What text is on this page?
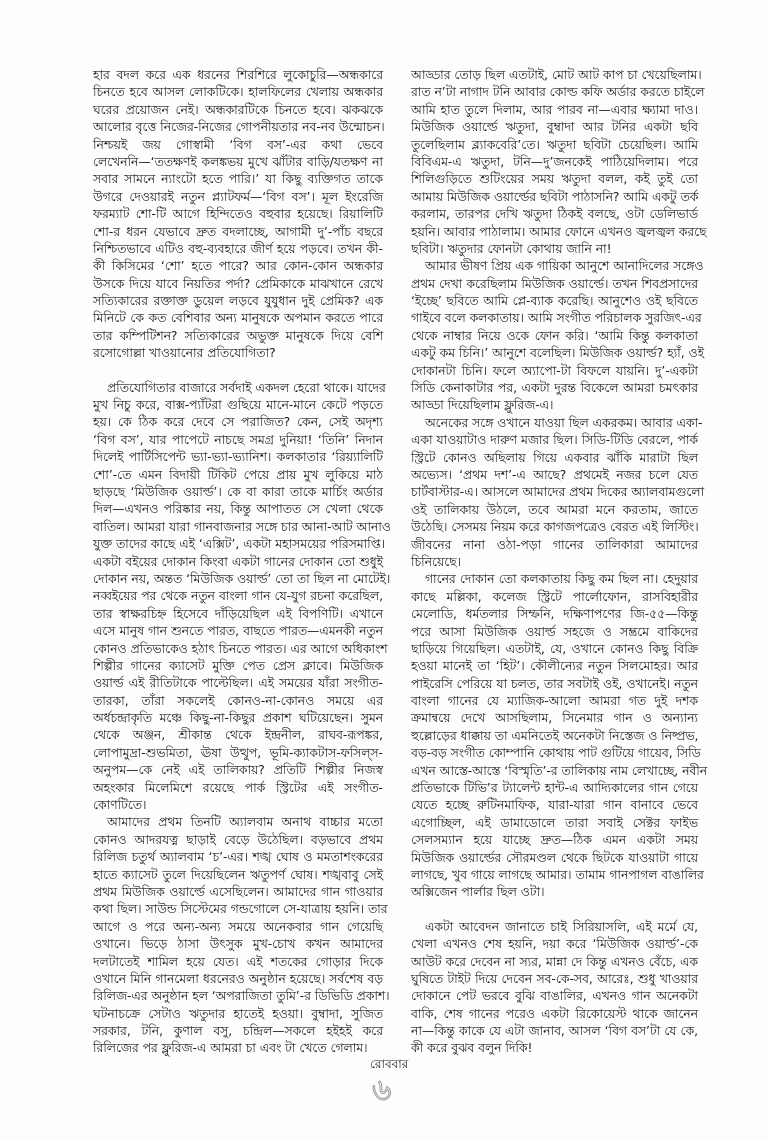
হার বদল করে এক ধরনের শিরশিরে লুকোচুরি—অন্ধকারে
চিনতে হবে আসল লোকটিকে। হালফিলের খেলায় অন্ধকার
ঘরের প্রয়োজন নেই। অন্ধকারটিকে চিনতে হবে। ঝকঝকে
আলোর বৃত্তে নিজের-নিজের গোপনীয়তার নব-নব উন্মোচন।
নিশ্চয়ই জয় গোস্বামী ‘বিগ বস’-এর কথা ভেবে
লেখেননি—‘ততক্ষণই কলঙ্কভয় মুখে ঝাঁটার বাড়ি/যতক্ষণ না
সবার সামনে ন্যাংটো হতে পারি।’ যা কিছু ব্যক্তিগত তাকে
উগরে দেওয়ারই নতুন প্ল্যাটফর্ম—‘বিগ বস’। মূল ইংরেজি
ফরম্যাট শো-টি আগে হিন্দিতেও বহুবার হয়েছে। রিয়ালিটি
শো-র ধরন যেভাবে দ্রুত বদলাচ্ছে, আগামী দু’-পাঁচ বছরে
নিশ্চিতভাবে এটিও বহু-ব্যবহারে জীর্ণ হয়ে পড়বে। তখন কী-
কী কিসিমের ‘শো’ হতে পারে? আর কোন-কোন অন্ধকার
উসকে দিয়ে যাবে নিয়তির পর্দা? প্রেমিকাকে মাঝখানে রেখে
সত্যিকারের রক্তাক্ত ডুয়েল লড়বে যুযুধান দুই প্রেমিক? এক
মিনিটে কে কত বেশিবার অন্য মানুষকে অপমান করতে পারে
তার কম্পিটিশন? সত্যিকারের অভুক্ত মানুষকে দিয়ে বেশি
রসোগোল্লা খাওয়ানোর প্রতিযোগিতা?
প্রতিযোগিতার বাজারে সর্বদাই একদল হেরো থাকে। যাদের
মুখ নিচু করে, বাক্স-প্যাঁটরা গুছিয়ে মানে-মানে কেটে পড়তে
হয়। কে ঠিক করে দেবে সে পরাজিত? কেন, সেই অদৃশ্য
‘বিগ বস’, যার পাপেটে নাচছে সমগ্র দুনিয়া! ‘তিনি’ নিদান
দিলেই পার্টিসিপেন্ট ভ্যা-ভ্যা-ভ্যানিশ। কলকাতার ‘রিয়্যালিটি
শো’-তে এমন বিদায়ী টিকিট পেয়ে প্রায় মুখ লুকিয়ে মাঠ
ছাড়ছে ‘মিউজিক ওয়ার্ল্ড’। কে বা কারা তাকে মার্চিং অর্ডার
দিল—এখনও পরিষ্কার নয়, কিন্তু আপাতত সে খেলা থেকে
বাতিল। আমরা যারা গানবাজনার সঙ্গে চার আনা-আট আনাও
যুক্ত তাদের কাছে এই ‘এক্সিট’, একটা মহাসময়ের পরিসমাপ্তি।
একটা বইয়ের দোকান কিংবা একটা গানের দোকান তো শুধুই
দোকান নয়, অন্তত ‘মিউজিক ওয়ার্ল্ড’ তো তা ছিল না মোটেই।
নব্বইয়ের পর থেকে নতুন বাংলা গান যে-যুগ রচনা করেছিল,
তার স্বাক্ষরচিহ্ন হিসেবে দাঁড়িয়েছিল এই বিপণিটি। এখানে
এসে মানুষ গান শুনতে পারত, বাছতে পারত—এমনকী নতুন
কোনও প্রতিভাকেও হঠাৎ চিনতে পারত। এর আগে অধিকাংশ
শিল্পীর গানের ক্যাসেট মুক্তি পেত প্রেস ক্লাবে। মিউজিক
ওয়ার্ল্ড এই রীতিটাকে পাল্টেছিল। এই সময়ের যাঁরা সংগীত-
তারকা, তাঁরা সকলেই কোনও-না-কোনও সময়ে এর
অর্ধচন্দ্রাকৃতি মঞ্চে কিছু-না-কিছুর প্রকাশ ঘটিয়েছেন। সুমন
থেকে অঞ্জন, শ্রীকান্ত থেকে ইন্দ্রনীল, রাঘব-রূপঙ্কর,
লোপামুদ্রা-শুভমিতা, ঊষা উত্থুপ, ভূমি-ক্যাকটাস-ফসিল্‌স-
অনুপম—কে নেই এই তালিকায়? প্রতিটি শিল্পীর নিজস্ব
অহংকার মিলেমিশে রয়েছে পার্ক স্ট্রিটের এই সংগীত-
কোণটিতে।
আমাদের প্রথম তিনটি অ্যালবাম অনাথ বাচ্চার মতো
কোনও আদরযত্ন ছাড়াই বেড়ে উঠেছিল। বড়ভাবে প্রথম
রিলিজ চতুর্থ অ্যালবাম ‘চ’-এর। শঙ্খ ঘোষ ও মমতাশংকরের
হাতে ক্যাসেট তুলে দিয়েছিলেন ঋতুপর্ণ ঘোষ। শঙ্খবাবু সেই
প্রথম মিউজিক ওয়ার্ল্ডে এসেছিলেন। আমাদের গান গাওয়ার
কথা ছিল। সাউন্ড সিস্টেমের গন্ডগোলে সে-যাত্রায় হয়নি। তার
আগে ও পরে অন্য-অন্য সময়ে অনেকবার গান গেয়েছি
ওখানে। ভিড়ে ঠাসা উৎসুক মুখ-চোখ কখন আমাদের
দলটাতেই শামিল হয়ে যেত। এই শতকের গোড়ার দিকে
ওখানে মিনি গানমেলা ধরনেরও অনুষ্ঠান হয়েছে। সর্বশেষ বড়
রিলিজ-এর অনুষ্ঠান হল ‘অপরাজিতা তুমি’-র ডিভিডি প্রকাশ।
ঘটনাচক্রে সেটাও ঋতুদার হাতেই হওয়া। বুম্বাদা, সুজিত
সরকার, টনি, কুণাল বসু, চন্দ্রিল—সকলে হইহই করে
রিলিজের পর ফ্লুরিজ-এ আমরা চা এবং টা খেতে গেলাম।
আড্ডার তোড় ছিল এতটাই, মোট আট কাপ চা খেয়েছিলাম।
রাত ন’টা নাগাদ টনি আবার কোল্ড কফি অর্ডার করতে চাইলে
আমি হাত তুলে দিলাম, আর পারব না—এবার ক্ষ্যামা দাও।
মিউজিক ওয়ার্ল্ডে ঋতুদা, বুম্বাদা আর টনির একটা ছবি
তুলেছিলাম ব্ল্যাকবেরি’তে। ঋতুদা ছবিটা চেয়েছিল। আমি
বিবিএম-এ ঋতুদা, টনি—দু’জনকেই পাঠিয়েদিলাম। পরে
শিলিগুড়িতে শুটিংয়ের সময় ঋতুদা বলল, কই তুই তো
আমায় মিউজিক ওয়ার্ল্ডের ছবিটা পাঠাসনি? আমি একটু তর্ক
করলাম, তারপর দেখি ঋতুদা ঠিকই বলছে, ওটা ডেলিভার্ড
হয়নি। আবার পাঠালাম। আমার ফোনে এখনও জ্বলজ্বল করছে
ছবিটা। ঋতুদার ফোনটা কোথায় জানি না!
আমার ভীষণ প্রিয় এক গায়িকা আনুশে আনাদিলের সঙ্গেও
প্রথম দেখা করেছিলাম মিউজিক ওয়ার্ল্ডে। তখন শিবপ্রসাদের
‘ইচ্ছে’ ছবিতে আমি প্লে-ব্যাক করেছি। আনুশেও ওই ছবিতে
গাইবে বলে কলকাতায়। আমি সংগীত পরিচালক সুরজিৎ-এর
থেকে নাম্বার নিয়ে ওকে ফোন করি। ‘আমি কিন্তু কলকাতা
একটু কম চিনি।’ আনুশে বলেছিল। মিউজিক ওয়ার্ল্ড? হ্যাঁ, ওই
দোকানটা চিনি। ফলে অ্যাপো-টা বিফলে যায়নি। দু’-একটা
সিডি কেনাকাটার পর, একটা দুরন্ত বিকেলে আমরা চমৎকার
আড্ডা দিয়েছিলাম ফ্লুরিজ-এ।
অনেকের সঙ্গে ওখানে যাওয়া ছিল একরকম। আবার একা-
একা যাওয়াটাও দারুণ মজার ছিল। সিডি-টিডি বেরলে, পার্ক
স্ট্রিটে কোনও অছিলায় গিয়ে একবার ঝাঁকি মারাটা ছিল
অভ্যেস। ‘প্রথম দশ’-এ আছে? প্রথমেই নজর চলে যেত
চার্টবাস্টার-এ। আসলে আমাদের প্রথম দিকের অ্যালবামগুলো
ওই তালিকায় উঠলে, তবে আমরা মনে করতাম, জাতে
উঠেছি। সেসময় নিয়ম করে কাগজপত্রেও বেরত এই লিস্টিং।
জীবনের নানা ওঠা-পড়া গানের তালিকারা আমাদের
চিনিয়েছে।
গানের দোকান তো কলকাতায় কিছু কম ছিল না। হেদুয়ার
কাছে মল্লিকা, কলেজ স্ট্রিটে পার্লোফোন, রাসবিহারীর
মেলোডি, ধর্মতলার সিম্ফনি, দক্ষিণাপণের জি-৫৫—কিন্তু
পরে আসা মিউজিক ওয়ার্ল্ড সহজে ও সম্ভ্রমে বাকিদের
ছাড়িয়ে গিয়েছিল। এতটাই, যে, ওখানে কোনও কিছু বিক্রি
হওয়া মানেই তা ‘হিট’। কৌলীন্যের নতুন সিলমোহর। আর
পাইরেসি পেরিয়ে যা চলত, তার সবটাই ওই, ওখানেই। নতুন
বাংলা গানের যে ম্যাজিক-আলো আমরা গত দুই দশক
ক্রমান্বয়ে দেখে আসছিলাম, সিনেমার গান ও অন্যান্য
হুল্লোড়ের ধাক্কায় তা এমনিতেই অনেকটা নিস্তেজ ও নিষ্প্রভ,
বড়-বড় সংগীত কোম্পানি কোথায় পাট গুটিয়ে গায়েব, সিডি
এখন আস্তে-আস্তে ‘বিস্মৃতি’-র তালিকায় নাম লেখাচ্ছে, নবীন
প্রতিভাকে টিভি’র ট্যালেন্ট হান্ট-এ আদ্যিকালের গান গেয়ে
যেতে হচ্ছে রুটিনমাফিক, যারা-যারা গান বানাবে ভেবে
এগোচ্ছিল, এই ডামাডোলে তারা সবাই সেক্টর ফাইভ
সেলসম্যান হয়ে যাচ্ছে দ্রুত—ঠিক এমন একটা সময়
মিউজিক ওয়ার্ল্ডের সৌরমণ্ডল থেকে ছিটকে যাওয়াটা গায়ে
লাগছে, খুব গায়ে লাগছে আমার। তামাম গানপাগল বাঙালির
অক্সিজেন পার্লার ছিল ওটা।
একটা আবেদন জানাতে চাই সিরিয়াসলি, এই মর্মে যে,
খেলা এখনও শেষ হয়নি, দয়া করে ‘মিউজিক ওয়ার্ল্ড’-কে
আউট করে দেবেন না স্যর, মান্না দে কিন্তু এখনও বেঁচে, এক
ঘুষিতে টাইট দিয়ে দেবেন সব-কে-সব, আরেঃ, শুধু খাওয়ার
দোকানে পেট ভরবে বুঝি বাঙালির, এখনও গান অনেকটা
বাকি, শেষ গানের পরেও একটা রিকোয়েস্ট থাকে জানেন
না—কিন্তু কাকে যে এটা জানাব, আসল ‘বিগ বস’টা যে কে,
কী করে বুঝব বলুন দিকি!
রোববার
৬
